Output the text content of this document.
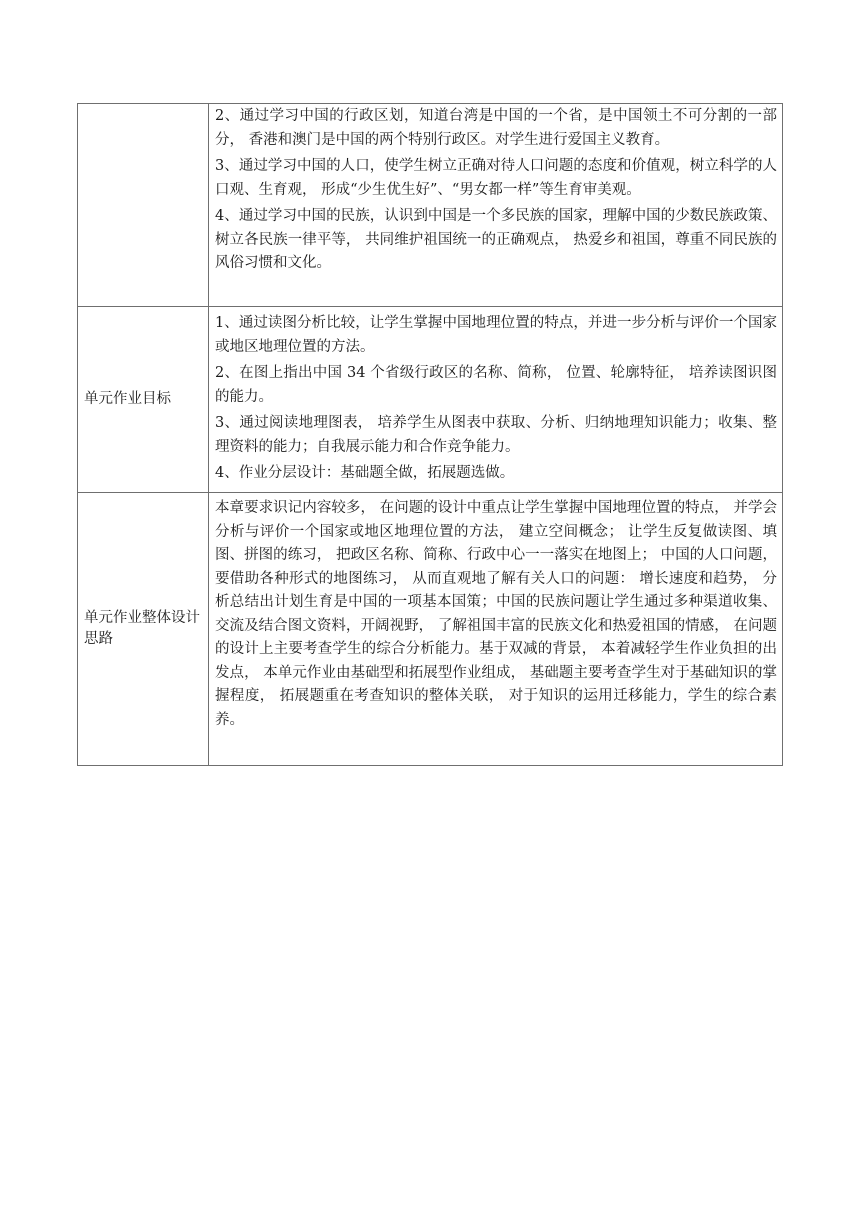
	2、通过学习中国的行政区划，知道台湾是中国的一个省，是中国领土不可分割的一部分， 香港和澳门是中国的两个特别行政区。对学生进行爱国主义教育。

3、通过学习中国的人口，使学生树立正确对待人口问题的态度和价值观，树立科学的人口观、生育观， 形成“少生优生好”、“男女都一样”等生育审美观。

4、通过学习中国的民族，认识到中国是一个多民族的国家，理解中国的少数民族政策、树立各民族一律平等， 共同维护祖国统一的正确观点， 热爱乡和祖国，尊重不同民族的风俗习惯和文化。

单元作业目标	1、通过读图分析比较，让学生掌握中国地理位置的特点，并进一步分析与评价一个国家或地区地理位置的方法。

2、在图上指出中国 34 个省级行政区的名称、简称， 位置、轮廓特征， 培养读图识图的能力。

3、通过阅读地理图表， 培养学生从图表中获取、分析、归纳地理知识能力；收集、整理资料的能力；自我展示能力和合作竞争能力。

4、作业分层设计：基础题全做，拓展题选做。

单元作业整体设计思路	本章要求识记内容较多， 在问题的设计中重点让学生掌握中国地理位置的特点， 并学会分析与评价一个国家或地区地理位置的方法， 建立空间概念； 让学生反复做读图、填图、拼图的练习， 把政区名称、简称、行政中心一一落实在地图上； 中国的人口问题， 要借助各种形式的地图练习， 从而直观地了解有关人口的问题： 增长速度和趋势， 分析总结出计划生育是中国的一项基本国策；中国的民族问题让学生通过多种渠道收集、交流及结合图文资料，开阔视野， 了解祖国丰富的民族文化和热爱祖国的情感， 在问题的设计上主要考查学生的综合分析能力。基于双减的背景， 本着减轻学生作业负担的出发点， 本单元作业由基础型和拓展型作业组成， 基础题主要考查学生对于基础知识的掌握程度， 拓展题重在考查知识的整体关联， 对于知识的运用迁移能力，学生的综合素养。
